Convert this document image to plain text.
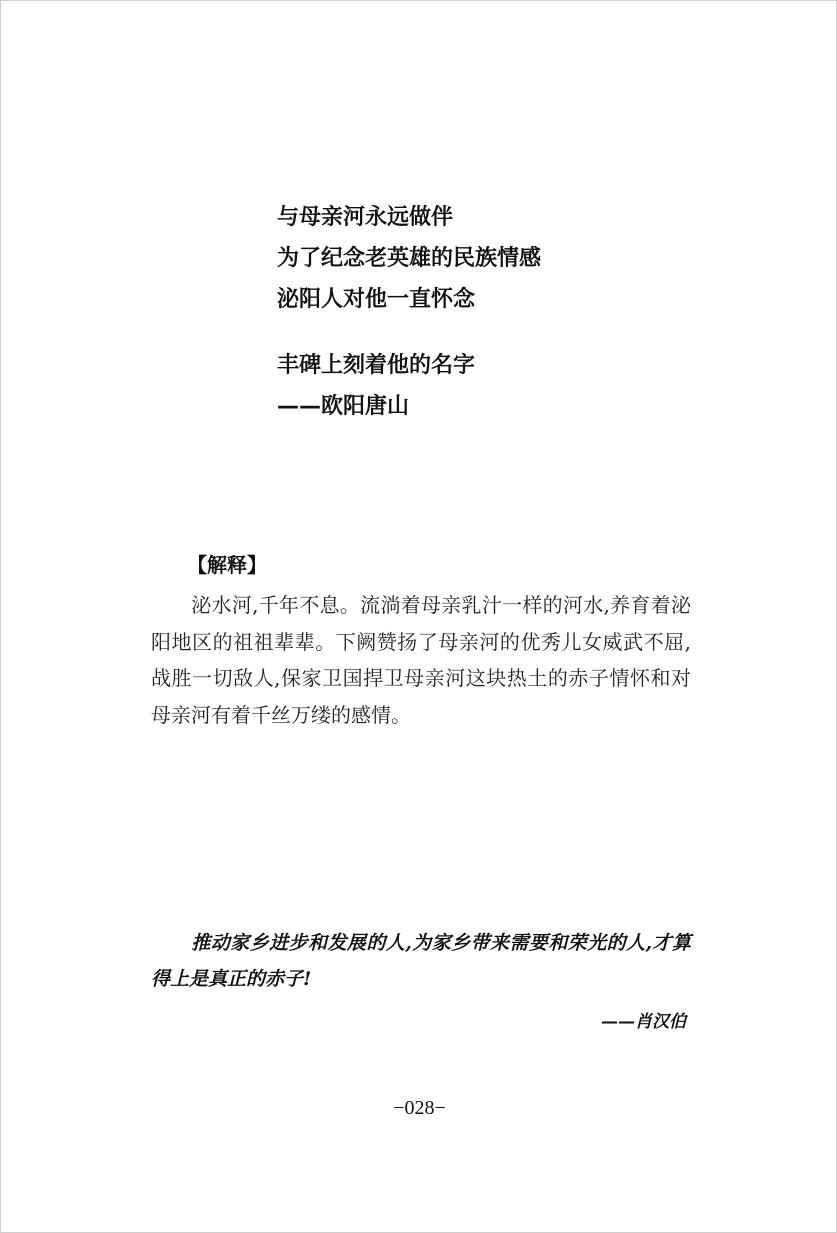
与母亲河永远做伴
为了纪念老英雄的民族情感
泌阳人对他一直怀念
丰碑上刻着他的名字
——欧阳唐山
【解释】
泌水河,千年不息。流淌着母亲乳汁一样的河水,养育着泌阳地区的祖祖辈辈。下阙赞扬了母亲河的优秀儿女威武不屈,战胜一切敌人,保家卫国捍卫母亲河这块热土的赤子情怀和对母亲河有着千丝万缕的感情。
推动家乡进步和发展的人,为家乡带来需要和荣光的人,才算得上是真正的赤子!
——肖汉伯
−028−
